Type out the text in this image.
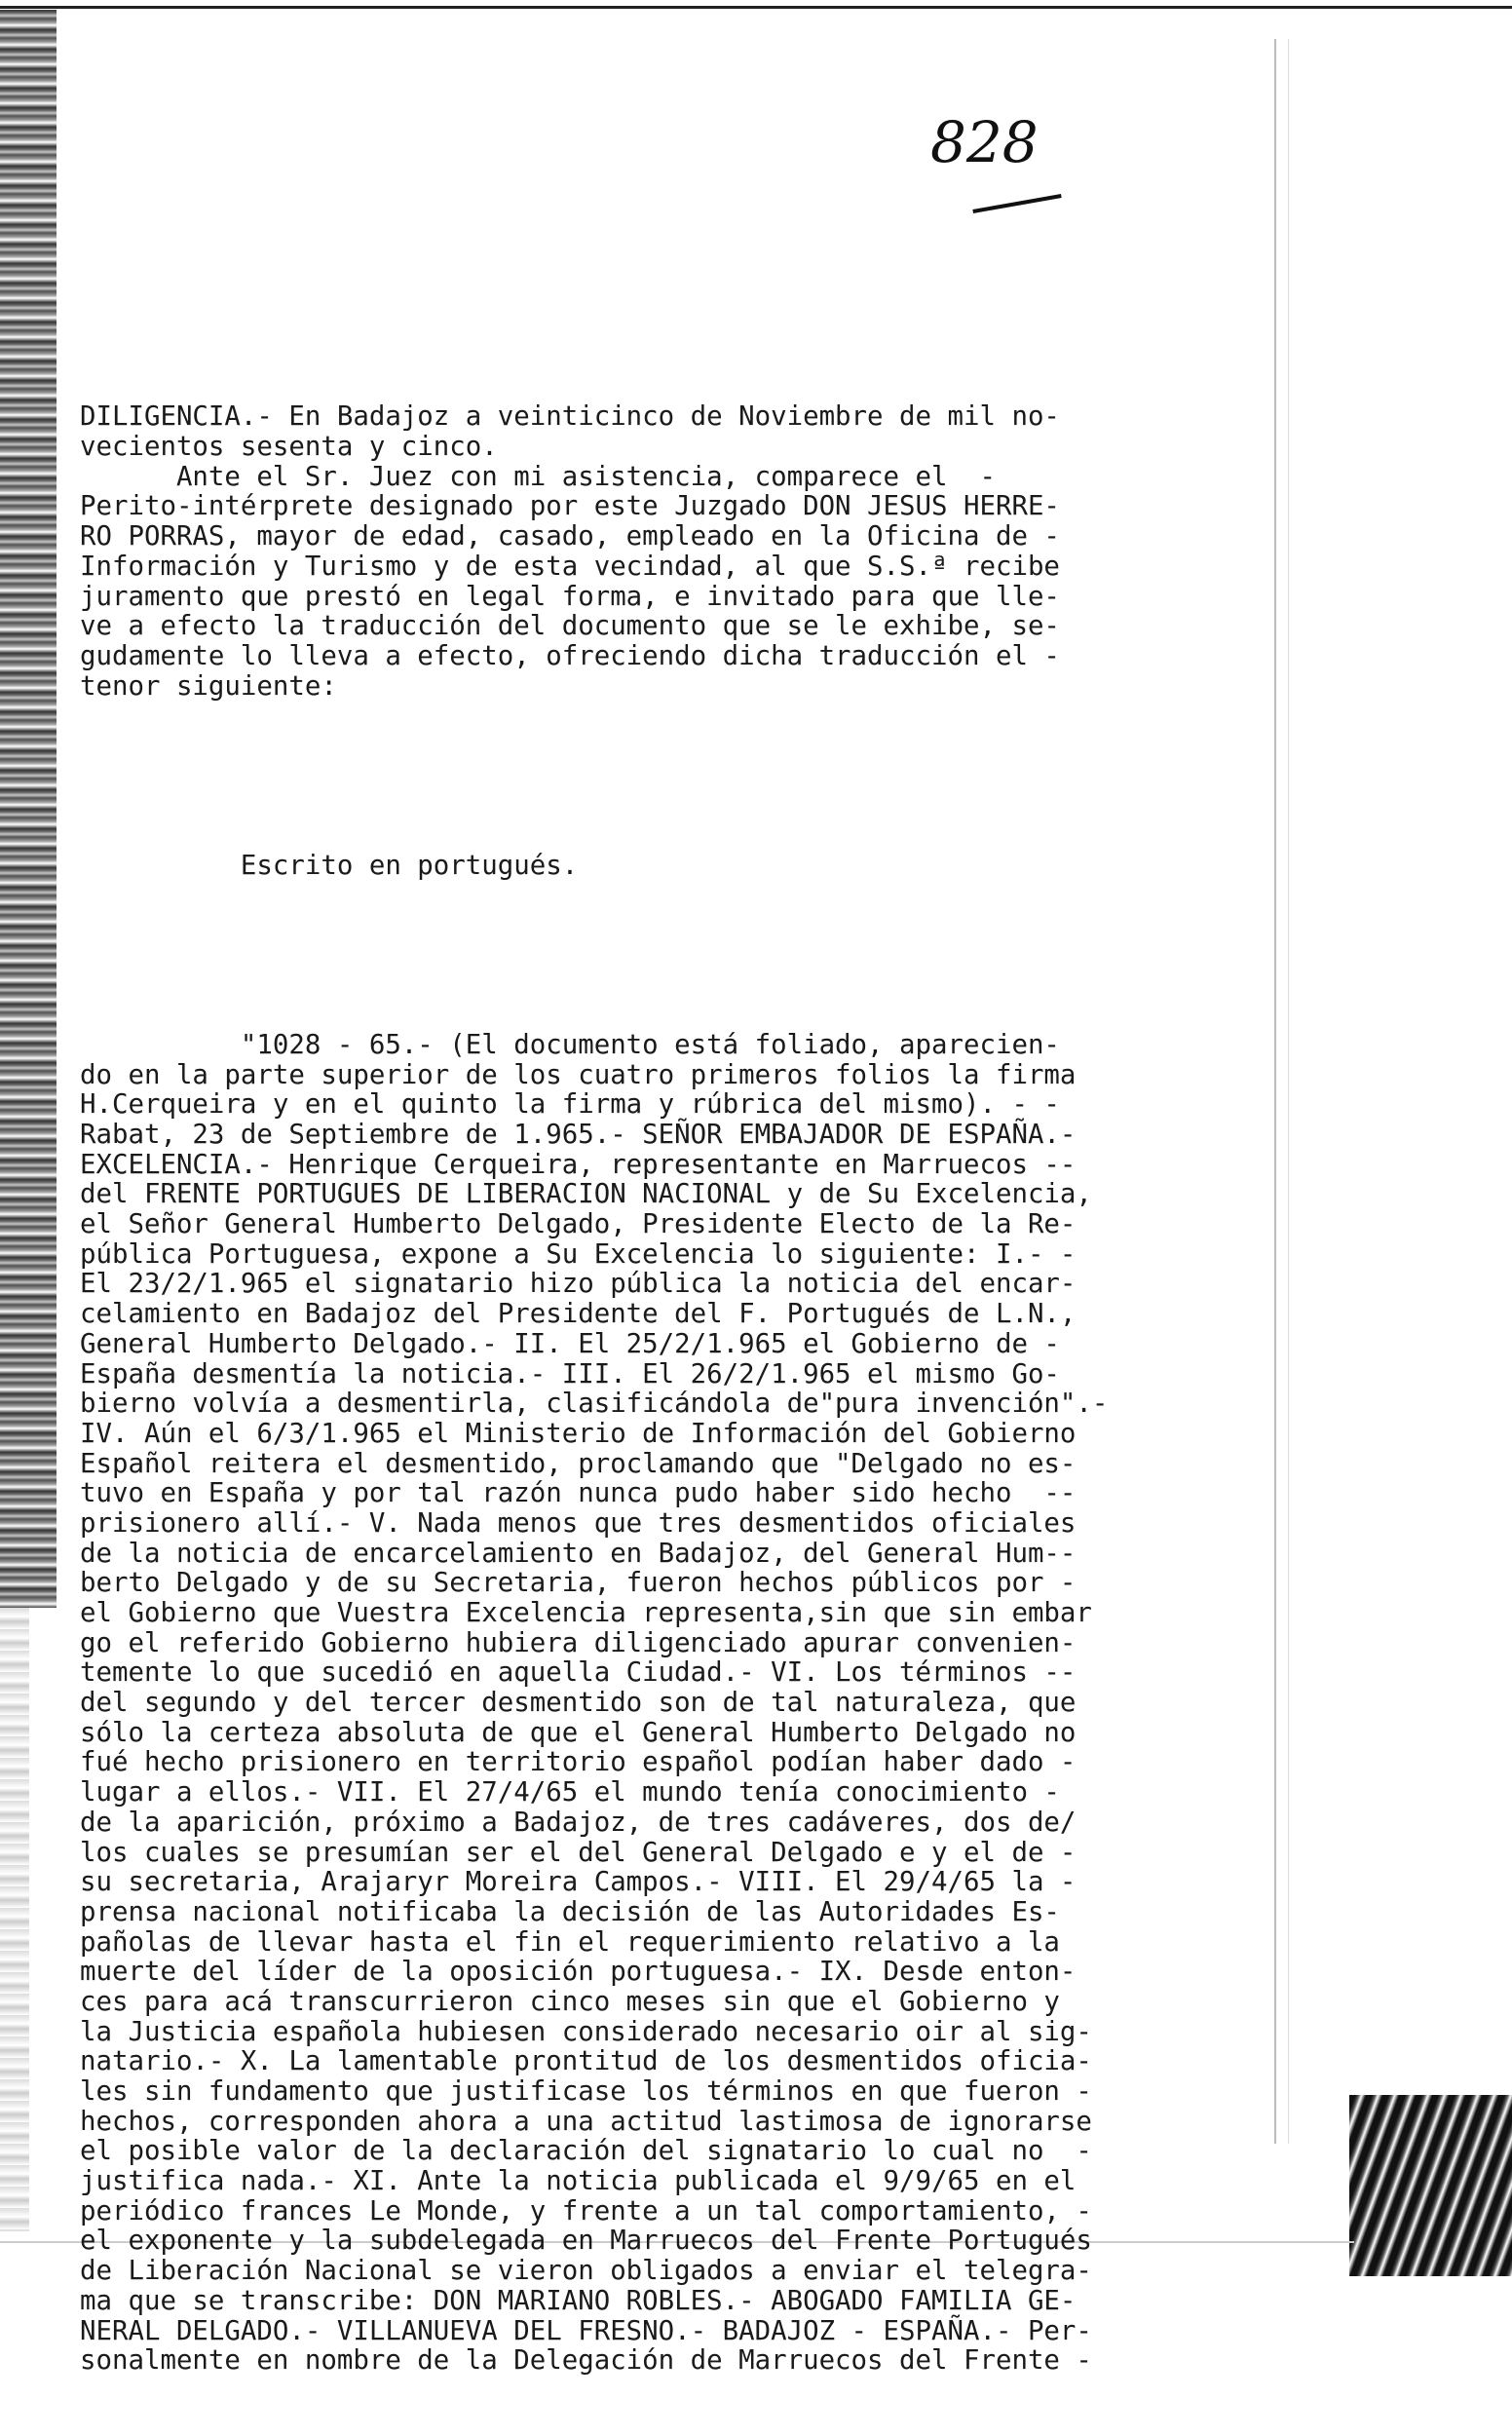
828

DILIGENCIA.- En Badajoz a veinticinco de Noviembre de mil no-
vecientos sesenta y cinco.
Ante el Sr. Juez con mi asistencia, comparece el  -
Perito-intérprete designado por este Juzgado DON JESUS HERRE-
RO PORRAS, mayor de edad, casado, empleado en la Oficina de -
Información y Turismo y de esta vecindad, al que S.S.ª recibe
juramento que prestó en legal forma, e invitado para que lle-
ve a efecto la traducción del documento que se le exhibe, se-
gudamente lo lleva a efecto, ofreciendo dicha traducción el -
tenor siguiente:

Escrito en portugués.

"1028 - 65.- (El documento está foliado, aparecien-
do en la parte superior de los cuatro primeros folios la firma
H.Cerqueira y en el quinto la firma y rúbrica del mismo). - -
Rabat, 23 de Septiembre de 1.965.- SEÑOR EMBAJADOR DE ESPAÑA.-
EXCELENCIA.- Henrique Cerqueira, representante en Marruecos --
del FRENTE PORTUGUES DE LIBERACION NACIONAL y de Su Excelencia,
el Señor General Humberto Delgado, Presidente Electo de la Re-
pública Portuguesa, expone a Su Excelencia lo siguiente: I.- -
El 23/2/1.965 el signatario hizo pública la noticia del encar-
celamiento en Badajoz del Presidente del F. Portugués de L.N.,
General Humberto Delgado.- II. El 25/2/1.965 el Gobierno de -
España desmentía la noticia.- III. El 26/2/1.965 el mismo Go-
bierno volvía a desmentirla, clasificándola de"pura invención".-
IV. Aún el 6/3/1.965 el Ministerio de Información del Gobierno
Español reitera el desmentido, proclamando que "Delgado no es-
tuvo en España y por tal razón nunca pudo haber sido hecho  --
prisionero allí.- V. Nada menos que tres desmentidos oficiales
de la noticia de encarcelamiento en Badajoz, del General Hum--
berto Delgado y de su Secretaria, fueron hechos públicos por -
el Gobierno que Vuestra Excelencia representa,sin que sin embar
go el referido Gobierno hubiera diligenciado apurar convenien-
temente lo que sucedió en aquella Ciudad.- VI. Los términos --
del segundo y del tercer desmentido son de tal naturaleza, que
sólo la certeza absoluta de que el General Humberto Delgado no
fué hecho prisionero en territorio español podían haber dado -
lugar a ellos.- VII. El 27/4/65 el mundo tenía conocimiento -
de la aparición, próximo a Badajoz, de tres cadáveres, dos de/
los cuales se presumían ser el del General Delgado e y el de -
su secretaria, Arajaryr Moreira Campos.- VIII. El 29/4/65 la -
prensa nacional notificaba la decisión de las Autoridades Es-
pañolas de llevar hasta el fin el requerimiento relativo a la
muerte del líder de la oposición portuguesa.- IX. Desde enton-
ces para acá transcurrieron cinco meses sin que el Gobierno y
la Justicia española hubiesen considerado necesario oir al sig-
natario.- X. La lamentable prontitud de los desmentidos oficia-
les sin fundamento que justificase los términos en que fueron -
hechos, corresponden ahora a una actitud lastimosa de ignorarse
el posible valor de la declaración del signatario lo cual no  -
justifica nada.- XI. Ante la noticia publicada el 9/9/65 en el
periódico frances Le Monde, y frente a un tal comportamiento, -
el exponente y la subdelegada en Marruecos del Frente Portugués
de Liberación Nacional se vieron obligados a enviar el telegra-
ma que se transcribe: DON MARIANO ROBLES.- ABOGADO FAMILIA GE-
NERAL DELGADO.- VILLANUEVA DEL FRESNO.- BADAJOZ - ESPAÑA.- Per-
sonalmente en nombre de la Delegación de Marruecos del Frente -
